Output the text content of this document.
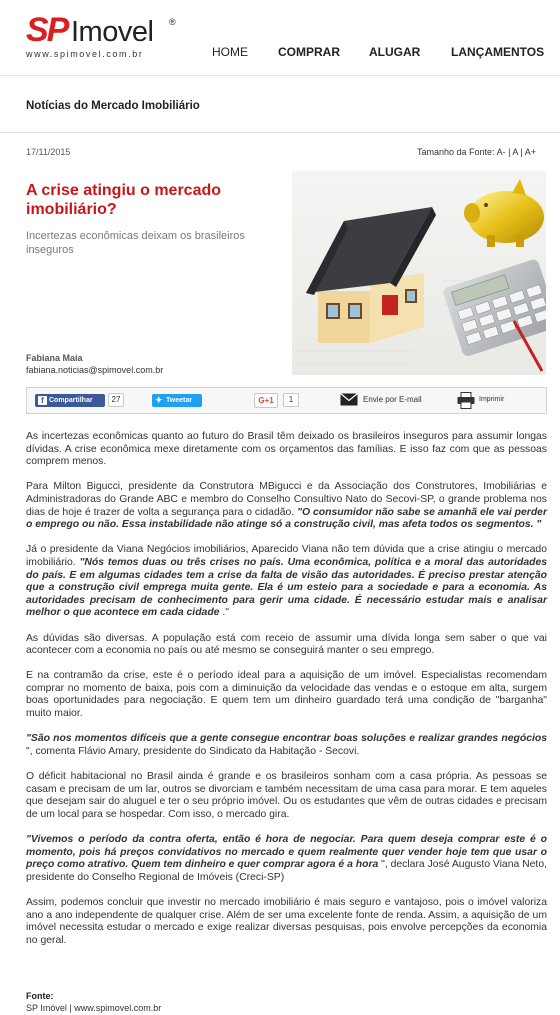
SP Imovel ®
www.spimovel.com.br	HOME	COMPRAR ALUGAR	LANÇAMENTOS
Notícias do Mercado Imobiliário
17/11/2015	Tamanho da Fonte: A- | A | A+
A crise atingiu o mercado imobiliário?
Incertezas econômicas deixam os brasileiros inseguros
Fabiana Maia
fabiana.noticias@spimovel.com.br
f Compartilhar	27	✦ Tweetar	G+1	1	Envie por E-mail	Imprimir

As incertezas econômicas quanto ao futuro do Brasil têm deixado os brasileiros inseguros para assumir longas dívidas. A crise econômica mexe diretamente com os orçamentos das famílias. E isso faz com que as pessoas comprem menos.

Para Milton Bigucci, presidente da Construtora MBigucci e da Associação dos Construtores, Imobiliárias e Administradoras do Grande ABC e membro do Conselho Consultivo Nato do Secovi-SP, o grande problema nos dias de hoje é trazer de volta a segurança para o cidadão. "O consumidor não sabe se amanhã ele vai perder o emprego ou não. Essa instabilidade não atinge só a construção civil, mas afeta todos os segmentos. "

Já o presidente da Viana Negócios imobiliários, Aparecido Viana não tem dúvida que a crise atingiu o mercado imobiliário. "Nós temos duas ou três crises no país. Uma econômica, política e a moral das autoridades do país. E em algumas cidades tem a crise da falta de visão das autoridades. É preciso prestar atenção que a construção civil emprega muita gente. Ela é um esteio para a sociedade e para a economia. As autoridades precisam de conhecimento para gerir uma cidade. É necessário estudar mais e analisar melhor o que acontece em cada cidade ."

As dúvidas são diversas. A população está com receio de assumir uma dívida longa sem saber o que vai acontecer com a economia no país ou até mesmo se conseguirá manter o seu emprego.

E na contramão da crise, este é o período ideal para a aquisição de um imóvel. Especialistas recomendam comprar no momento de baixa, pois com a diminuição da velocidade das vendas e o estoque em alta, surgem boas oportunidades para negociação. E quem tem um dinheiro guardado terá uma condição de "barganha" muito maior.

"São nos momentos difíceis que a gente consegue encontrar boas soluções e realizar grandes negócios ", comenta Flávio Amary, presidente do Sindicato da Habitação - Secovi.

O déficit habitacional no Brasil ainda é grande e os brasileiros sonham com a casa própria. As pessoas se casam e precisam de um lar, outros se divorciam e também necessitam de uma casa para morar. E tem aqueles que desejam sair do aluguel e ter o seu próprio imóvel. Ou os estudantes que vêm de outras cidades e precisam de um local para se hospedar. Com isso, o mercado gira.

"Vivemos o período da contra oferta, então é hora de negociar. Para quem deseja comprar este é o momento, pois há preços convidativos no mercado e quem realmente quer vender hoje tem que usar o preço como atrativo. Quem tem dinheiro e quer comprar agora é a hora ", declara José Augusto Viana Neto, presidente do Conselho Regional de Imóveis (Creci-SP)

Assim, podemos concluir que investir no mercado imobiliário é mais seguro e vantajoso, pois o imóvel valoriza ano a ano independente de qualquer crise. Além de ser uma excelente fonte de renda. Assim, a aquisição de um imóvel necessita estudar o mercado e exige realizar diversas pesquisas, pois envolve percepções da economia no geral.

Fonte:
SP Imóvel | www.spimovel.com.br
